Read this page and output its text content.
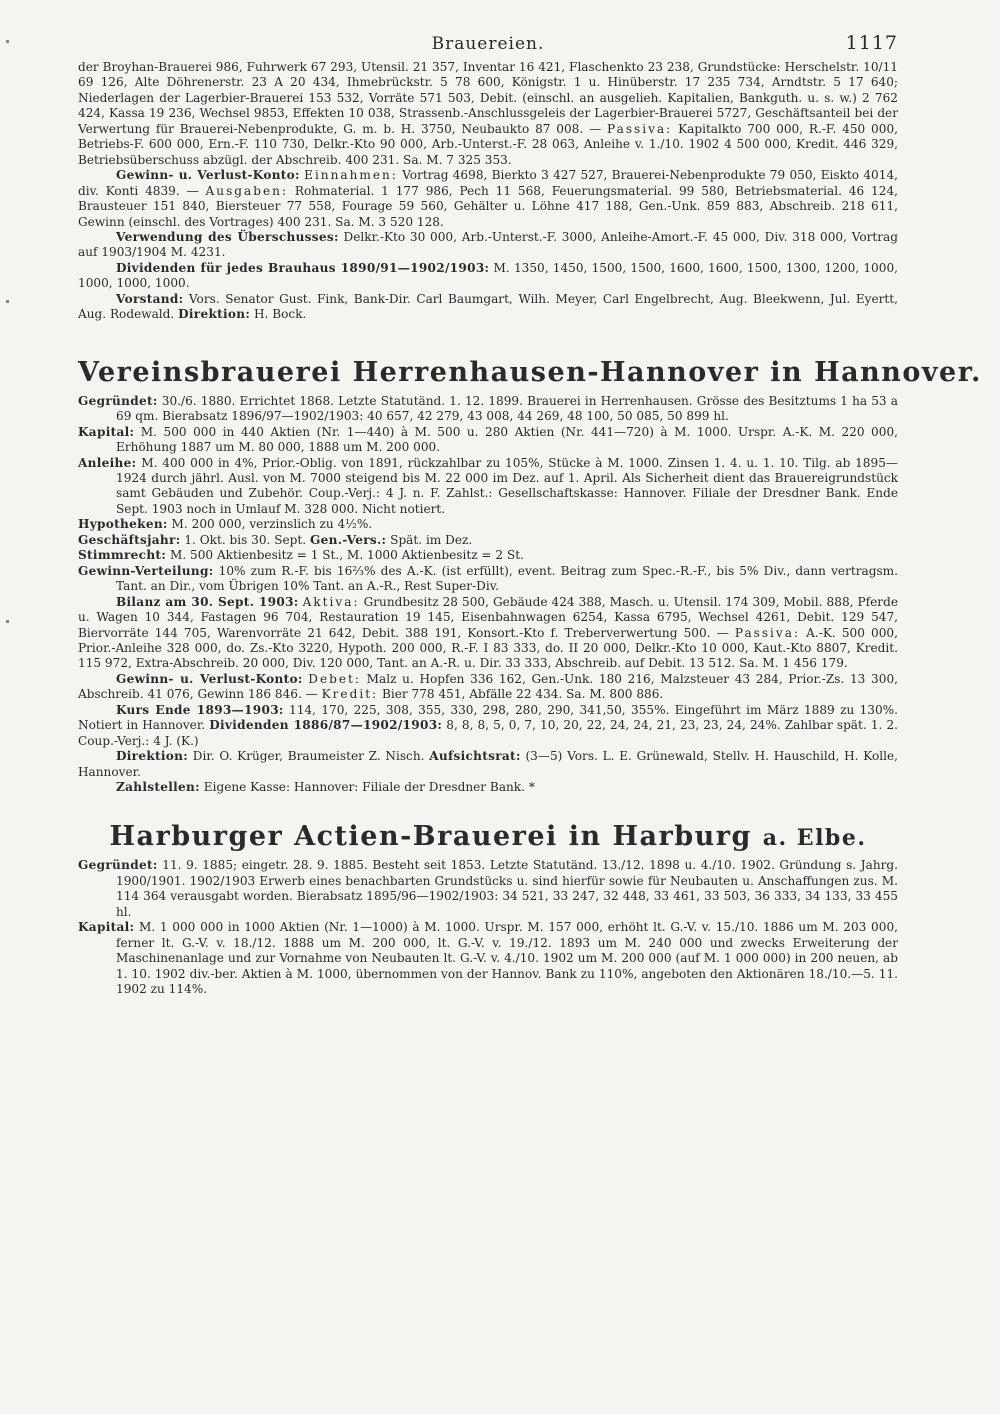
Brauereien.	1117
der Broyhan-Brauerei 986, Fuhrwerk 67 293, Utensil. 21 357, Inventar 16 421, Flaschenkto 23 238, Grundstücke: Herschelstr. 10/11 69 126, Alte Döhrenerstr. 23 A 20 434, Ihmebrückstr. 5 78 600, Königstr. 1 u. Hinüberstr. 17 235 734, Arndtstr. 5 17 640; Niederlagen der Lagerbier-Brauerei 153 532, Vorräte 571 503, Debit. (einschl. an ausgelieh. Kapitalien, Bankguth. u. s. w.) 2 762 424, Kassa 19 236, Wechsel 9853, Effekten 10 038, Strassenb.-Anschlussgeleis der Lagerbier-Brauerei 5727, Geschäftsanteil bei der Verwertung für Brauerei-Nebenprodukte, G. m. b. H. 3750, Neubaukto 87 008. — Passiva: Kapitalkto 700 000, R.-F. 450 000, Betriebs-F. 600 000, Ern.-F. 110 730, Delkr.-Kto 90 000, Arb.-Unterst.-F. 28 063, Anleihe v. 1./10. 1902 4 500 000, Kredit. 446 329, Betriebsüberschuss abzügl. der Abschreib. 400 231. Sa. M. 7 325 353.
Gewinn- u. Verlust-Konto: Einnahmen: Vortrag 4698, Bierkto 3 427 527, Brauerei-Nebenprodukte 79 050, Eiskto 4014, div. Konti 4839. — Ausgaben: Rohmaterial. 1 177 986, Pech 11 568, Feuerungsmaterial. 99 580, Betriebsmaterial. 46 124, Brausteuer 151 840, Biersteuer 77 558, Fourage 59 560, Gehälter u. Löhne 417 188, Gen.-Unk. 859 883, Abschreib. 218 611, Gewinn (einschl. des Vortrages) 400 231. Sa. M. 3 520 128.
Verwendung des Überschusses: Delkr.-Kto 30 000, Arb.-Unterst.-F. 3000, Anleihe-Amort.-F. 45 000, Div. 318 000, Vortrag auf 1903/1904 M. 4231.
Dividenden für jedes Brauhaus 1890/91—1902/1903: M. 1350, 1450, 1500, 1500, 1600, 1600, 1500, 1300, 1200, 1000, 1000, 1000, 1000.
Vorstand: Vors. Senator Gust. Fink, Bank-Dir. Carl Baumgart, Wilh. Meyer, Carl Engelbrecht, Aug. Bleekwenn, Jul. Eyertt, Aug. Rodewald. Direktion: H. Bock.
Vereinsbrauerei Herrenhausen-Hannover in Hannover.
Gegründet: 30./6. 1880. Errichtet 1868. Letzte Statutänd. 1. 12. 1899. Brauerei in Herrenhausen. Grösse des Besitztums 1 ha 53 a 69 qm. Bierabsatz 1896/97—1902/1903: 40 657, 42 279, 43 008, 44 269, 48 100, 50 085, 50 899 hl.
Kapital: M. 500 000 in 440 Aktien (Nr. 1—440) à M. 500 u. 280 Aktien (Nr. 441—720) à M. 1000. Urspr. A.-K. M. 220 000, Erhöhung 1887 um M. 80 000, 1888 um M. 200 000.
Anleihe: M. 400 000 in 4%, Prior.-Oblig. von 1891, rückzahlbar zu 105%, Stücke à M. 1000. Zinsen 1. 4. u. 1. 10. Tilg. ab 1895—1924 durch jährl. Ausl. von M. 7000 steigend bis M. 22 000 im Dez. auf 1. April. Als Sicherheit dient das Brauereigrundstück samt Gebäuden und Zubehör. Coup.-Verj.: 4 J. n. F. Zahlst.: Gesellschaftskasse: Hannover. Filiale der Dresdner Bank. Ende Sept. 1903 noch in Umlauf M. 328 000. Nicht notiert.
Hypotheken: M. 200 000, verzinslich zu 4½%.
Geschäftsjahr: 1. Okt. bis 30. Sept. Gen.-Vers.: Spät. im Dez.
Stimmrecht: M. 500 Aktienbesitz = 1 St., M. 1000 Aktienbesitz = 2 St.
Gewinn-Verteilung: 10% zum R.-F. bis 16⅔% des A.-K. (ist erfüllt), event. Beitrag zum Spec.-R.-F., bis 5% Div., dann vertragsm. Tant. an Dir., vom Übrigen 10% Tant. an A.-R., Rest Super-Div.
Bilanz am 30. Sept. 1903: Aktiva: Grundbesitz 28 500, Gebäude 424 388, Masch. u. Utensil. 174 309, Mobil. 888, Pferde u. Wagen 10 344, Fastagen 96 704, Restauration 19 145, Eisenbahnwagen 6254, Kassa 6795, Wechsel 4261, Debit. 129 547, Biervorräte 144 705, Warenvorräte 21 642, Debit. 388 191, Konsort.-Kto f. Treberverwertung 500. — Passiva: A.-K. 500 000, Prior.-Anleihe 328 000, do. Zs.-Kto 3220, Hypoth. 200 000, R.-F. I 83 333, do. II 20 000, Delkr.-Kto 10 000, Kaut.-Kto 8807, Kredit. 115 972, Extra-Abschreib. 20 000, Div. 120 000, Tant. an A.-R. u. Dir. 33 333, Abschreib. auf Debit. 13 512. Sa. M. 1 456 179.
Gewinn- u. Verlust-Konto: Debet: Malz u. Hopfen 336 162, Gen.-Unk. 180 216, Malzsteuer 43 284, Prior.-Zs. 13 300, Abschreib. 41 076, Gewinn 186 846. — Kredit: Bier 778 451, Abfälle 22 434. Sa. M. 800 886.
Kurs Ende 1893—1903: 114, 170, 225, 308, 355, 330, 298, 280, 290, 341,50, 355%. Eingeführt im März 1889 zu 130%. Notiert in Hannover. Dividenden 1886/87—1902/1903: 8, 8, 8, 5, 0, 7, 10, 20, 22, 24, 24, 21, 23, 23, 24, 24%. Zahlbar spät. 1. 2. Coup.-Verj.: 4 J. (K.)
Direktion: Dir. O. Krüger, Braumeister Z. Nisch. Aufsichtsrat: (3—5) Vors. L. E. Grünewald, Stellv. H. Hauschild, H. Kolle, Hannover.
Zahlstellen: Eigene Kasse: Hannover: Filiale der Dresdner Bank. *
Harburger Actien-Brauerei in Harburg a. Elbe.
Gegründet: 11. 9. 1885; eingetr. 28. 9. 1885. Besteht seit 1853. Letzte Statutänd. 13./12. 1898 u. 4./10. 1902. Gründung s. Jahrg. 1900/1901. 1902/1903 Erwerb eines benachbarten Grundstücks u. sind hierfür sowie für Neubauten u. Anschaffungen zus. M. 114 364 verausgabt worden. Bierabsatz 1895/96—1902/1903: 34 521, 33 247, 32 448, 33 461, 33 503, 36 333, 34 133, 33 455 hl.
Kapital: M. 1 000 000 in 1000 Aktien (Nr. 1—1000) à M. 1000. Urspr. M. 157 000, erhöht lt. G.-V. v. 15./10. 1886 um M. 203 000, ferner lt. G.-V. v. 18./12. 1888 um M. 200 000, lt. G.-V. v. 19./12. 1893 um M. 240 000 und zwecks Erweiterung der Maschinenanlage und zur Vornahme von Neubauten lt. G.-V. v. 4./10. 1902 um M. 200 000 (auf M. 1 000 000) in 200 neuen, ab 1. 10. 1902 div.-ber. Aktien à M. 1000, übernommen von der Hannov. Bank zu 110%, angeboten den Aktionären 18./10.—5. 11. 1902 zu 114%.
